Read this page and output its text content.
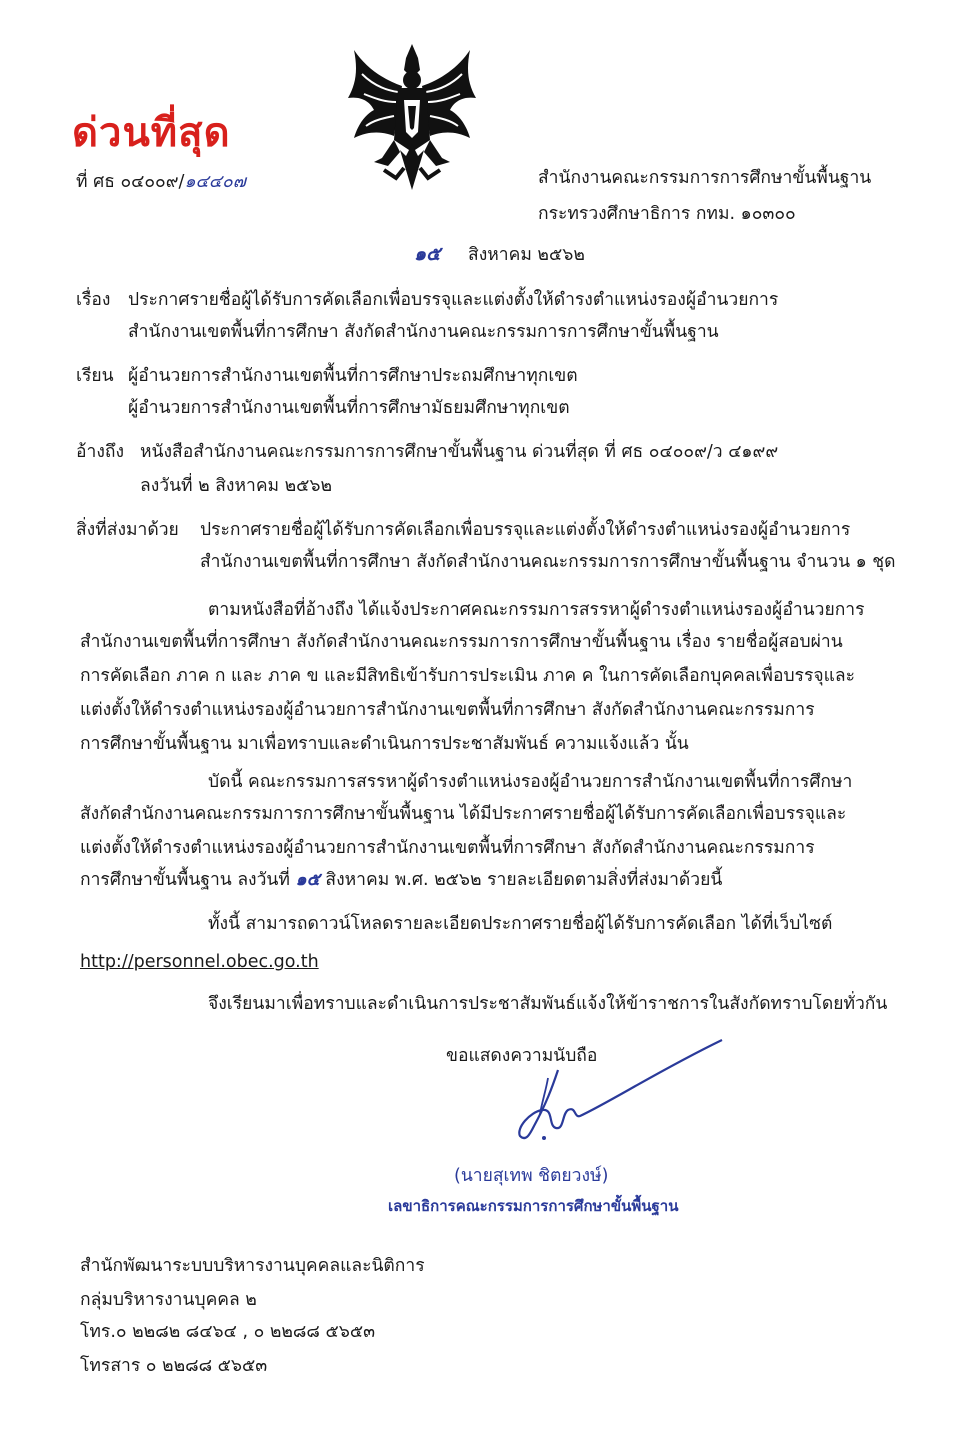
ด่วนที่สุด
ที่ ศธ ๐๔๐๐๙/๑๔๔๐๗	สำนักงานคณะกรรมการการศึกษาขั้นพื้นฐาน
กระทรวงศึกษาธิการ กทม. ๑๐๓๐๐
๑๕ สิงหาคม ๒๕๖๒
เรื่อง ประกาศรายชื่อผู้ได้รับการคัดเลือกเพื่อบรรจุและแต่งตั้งให้ดำรงตำแหน่งรองผู้อำนวยการ
สำนักงานเขตพื้นที่การศึกษา สังกัดสำนักงานคณะกรรมการการศึกษาขั้นพื้นฐาน
เรียน ผู้อำนวยการสำนักงานเขตพื้นที่การศึกษาประถมศึกษาทุกเขต
ผู้อำนวยการสำนักงานเขตพื้นที่การศึกษามัธยมศึกษาทุกเขต
อ้างถึง หนังสือสำนักงานคณะกรรมการการศึกษาขั้นพื้นฐาน ด่วนที่สุด ที่ ศธ ๐๔๐๐๙/ว ๔๑๙๙
ลงวันที่ ๒ สิงหาคม ๒๕๖๒
สิ่งที่ส่งมาด้วย ประกาศรายชื่อผู้ได้รับการคัดเลือกเพื่อบรรจุและแต่งตั้งให้ดำรงตำแหน่งรองผู้อำนวยการ
สำนักงานเขตพื้นที่การศึกษา สังกัดสำนักงานคณะกรรมการการศึกษาขั้นพื้นฐาน จำนวน ๑ ชุด
ตามหนังสือที่อ้างถึง ได้แจ้งประกาศคณะกรรมการสรรหาผู้ดำรงตำแหน่งรองผู้อำนวยการ
สำนักงานเขตพื้นที่การศึกษา สังกัดสำนักงานคณะกรรมการการศึกษาขั้นพื้นฐาน เรื่อง รายชื่อผู้สอบผ่าน
การคัดเลือก ภาค ก และ ภาค ข และมีสิทธิเข้ารับการประเมิน ภาค ค ในการคัดเลือกบุคคลเพื่อบรรจุและ
แต่งตั้งให้ดำรงตำแหน่งรองผู้อำนวยการสำนักงานเขตพื้นที่การศึกษา สังกัดสำนักงานคณะกรรมการ
การศึกษาขั้นพื้นฐาน มาเพื่อทราบและดำเนินการประชาสัมพันธ์ ความแจ้งแล้ว นั้น
บัดนี้ คณะกรรมการสรรหาผู้ดำรงตำแหน่งรองผู้อำนวยการสำนักงานเขตพื้นที่การศึกษา
สังกัดสำนักงานคณะกรรมการการศึกษาขั้นพื้นฐาน ได้มีประกาศรายชื่อผู้ได้รับการคัดเลือกเพื่อบรรจุและ
แต่งตั้งให้ดำรงตำแหน่งรองผู้อำนวยการสำนักงานเขตพื้นที่การศึกษา สังกัดสำนักงานคณะกรรมการ
การศึกษาขั้นพื้นฐาน ลงวันที่ ๑๕ สิงหาคม พ.ศ. ๒๕๖๒ รายละเอียดตามสิ่งที่ส่งมาด้วยนี้
ทั้งนี้ สามารถดาวน์โหลดรายละเอียดประกาศรายชื่อผู้ได้รับการคัดเลือก ได้ที่เว็บไซต์
http://personnel.obec.go.th
จึงเรียนมาเพื่อทราบและดำเนินการประชาสัมพันธ์แจ้งให้ข้าราชการในสังกัดทราบโดยทั่วกัน
ขอแสดงความนับถือ
(นายสุเทพ ชิตยวงษ์)
เลขาธิการคณะกรรมการการศึกษาขั้นพื้นฐาน
สำนักพัฒนาระบบบริหารงานบุคคลและนิติการ
กลุ่มบริหารงานบุคคล ๒
โทร.๐ ๒๒๘๒ ๘๔๖๔ , ๐ ๒๒๘๘ ๕๖๕๓
โทรสาร ๐ ๒๒๘๘ ๕๖๕๓
